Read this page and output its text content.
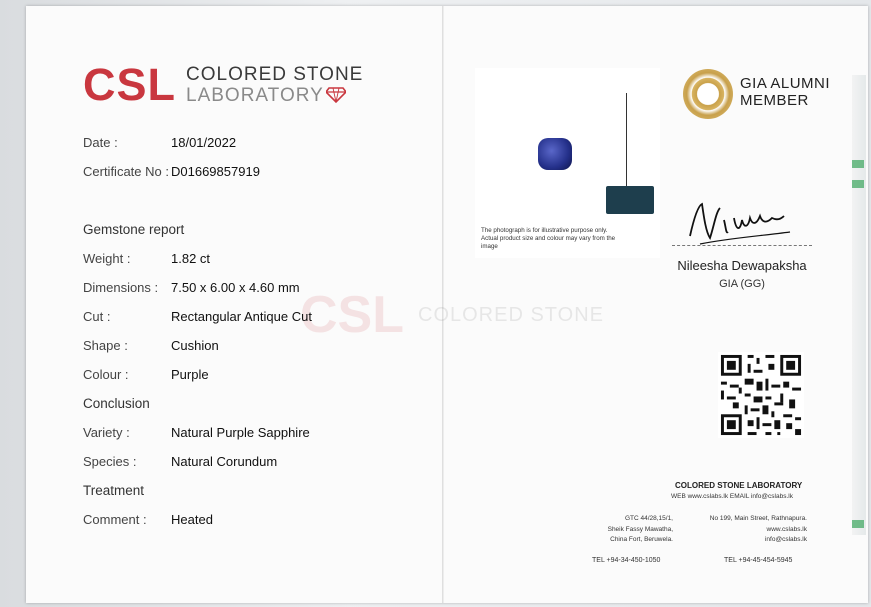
CSL COLORED STONE
CSL COLORED STONE
LABORATORY
Date :	18/01/2022
Certificate No : D01669857919
Gemstone report
Weight :	1.82 ct
Dimensions : 7.50 x 6.00 x 4.60 mm
Cut :	Rectangular Antique Cut
Shape :	Cushion
Colour :	Purple
Conclusion
Variety :	Natural Purple Sapphire
Species :	Natural Corundum
Treatment
Comment : Heated
The photograph is for illustrative purpose only. Actual product size and colour may vary from the image
GIA ALUMNI
MEMBER
Nileesha Dewapaksha
GIA (GG)
COLORED STONE LABORATORY
WEB www.cslabs.lk EMAIL info@cslabs.lk
GTC 44/28,15/1,
Sheik Fassy Mawatha,
China Fort, Beruwela.
No 199, Main Street, Rathnapura.
www.cslabs.lk
info@cslabs.lk
TEL +94-34-450-1050	TEL +94-45-454-5945
